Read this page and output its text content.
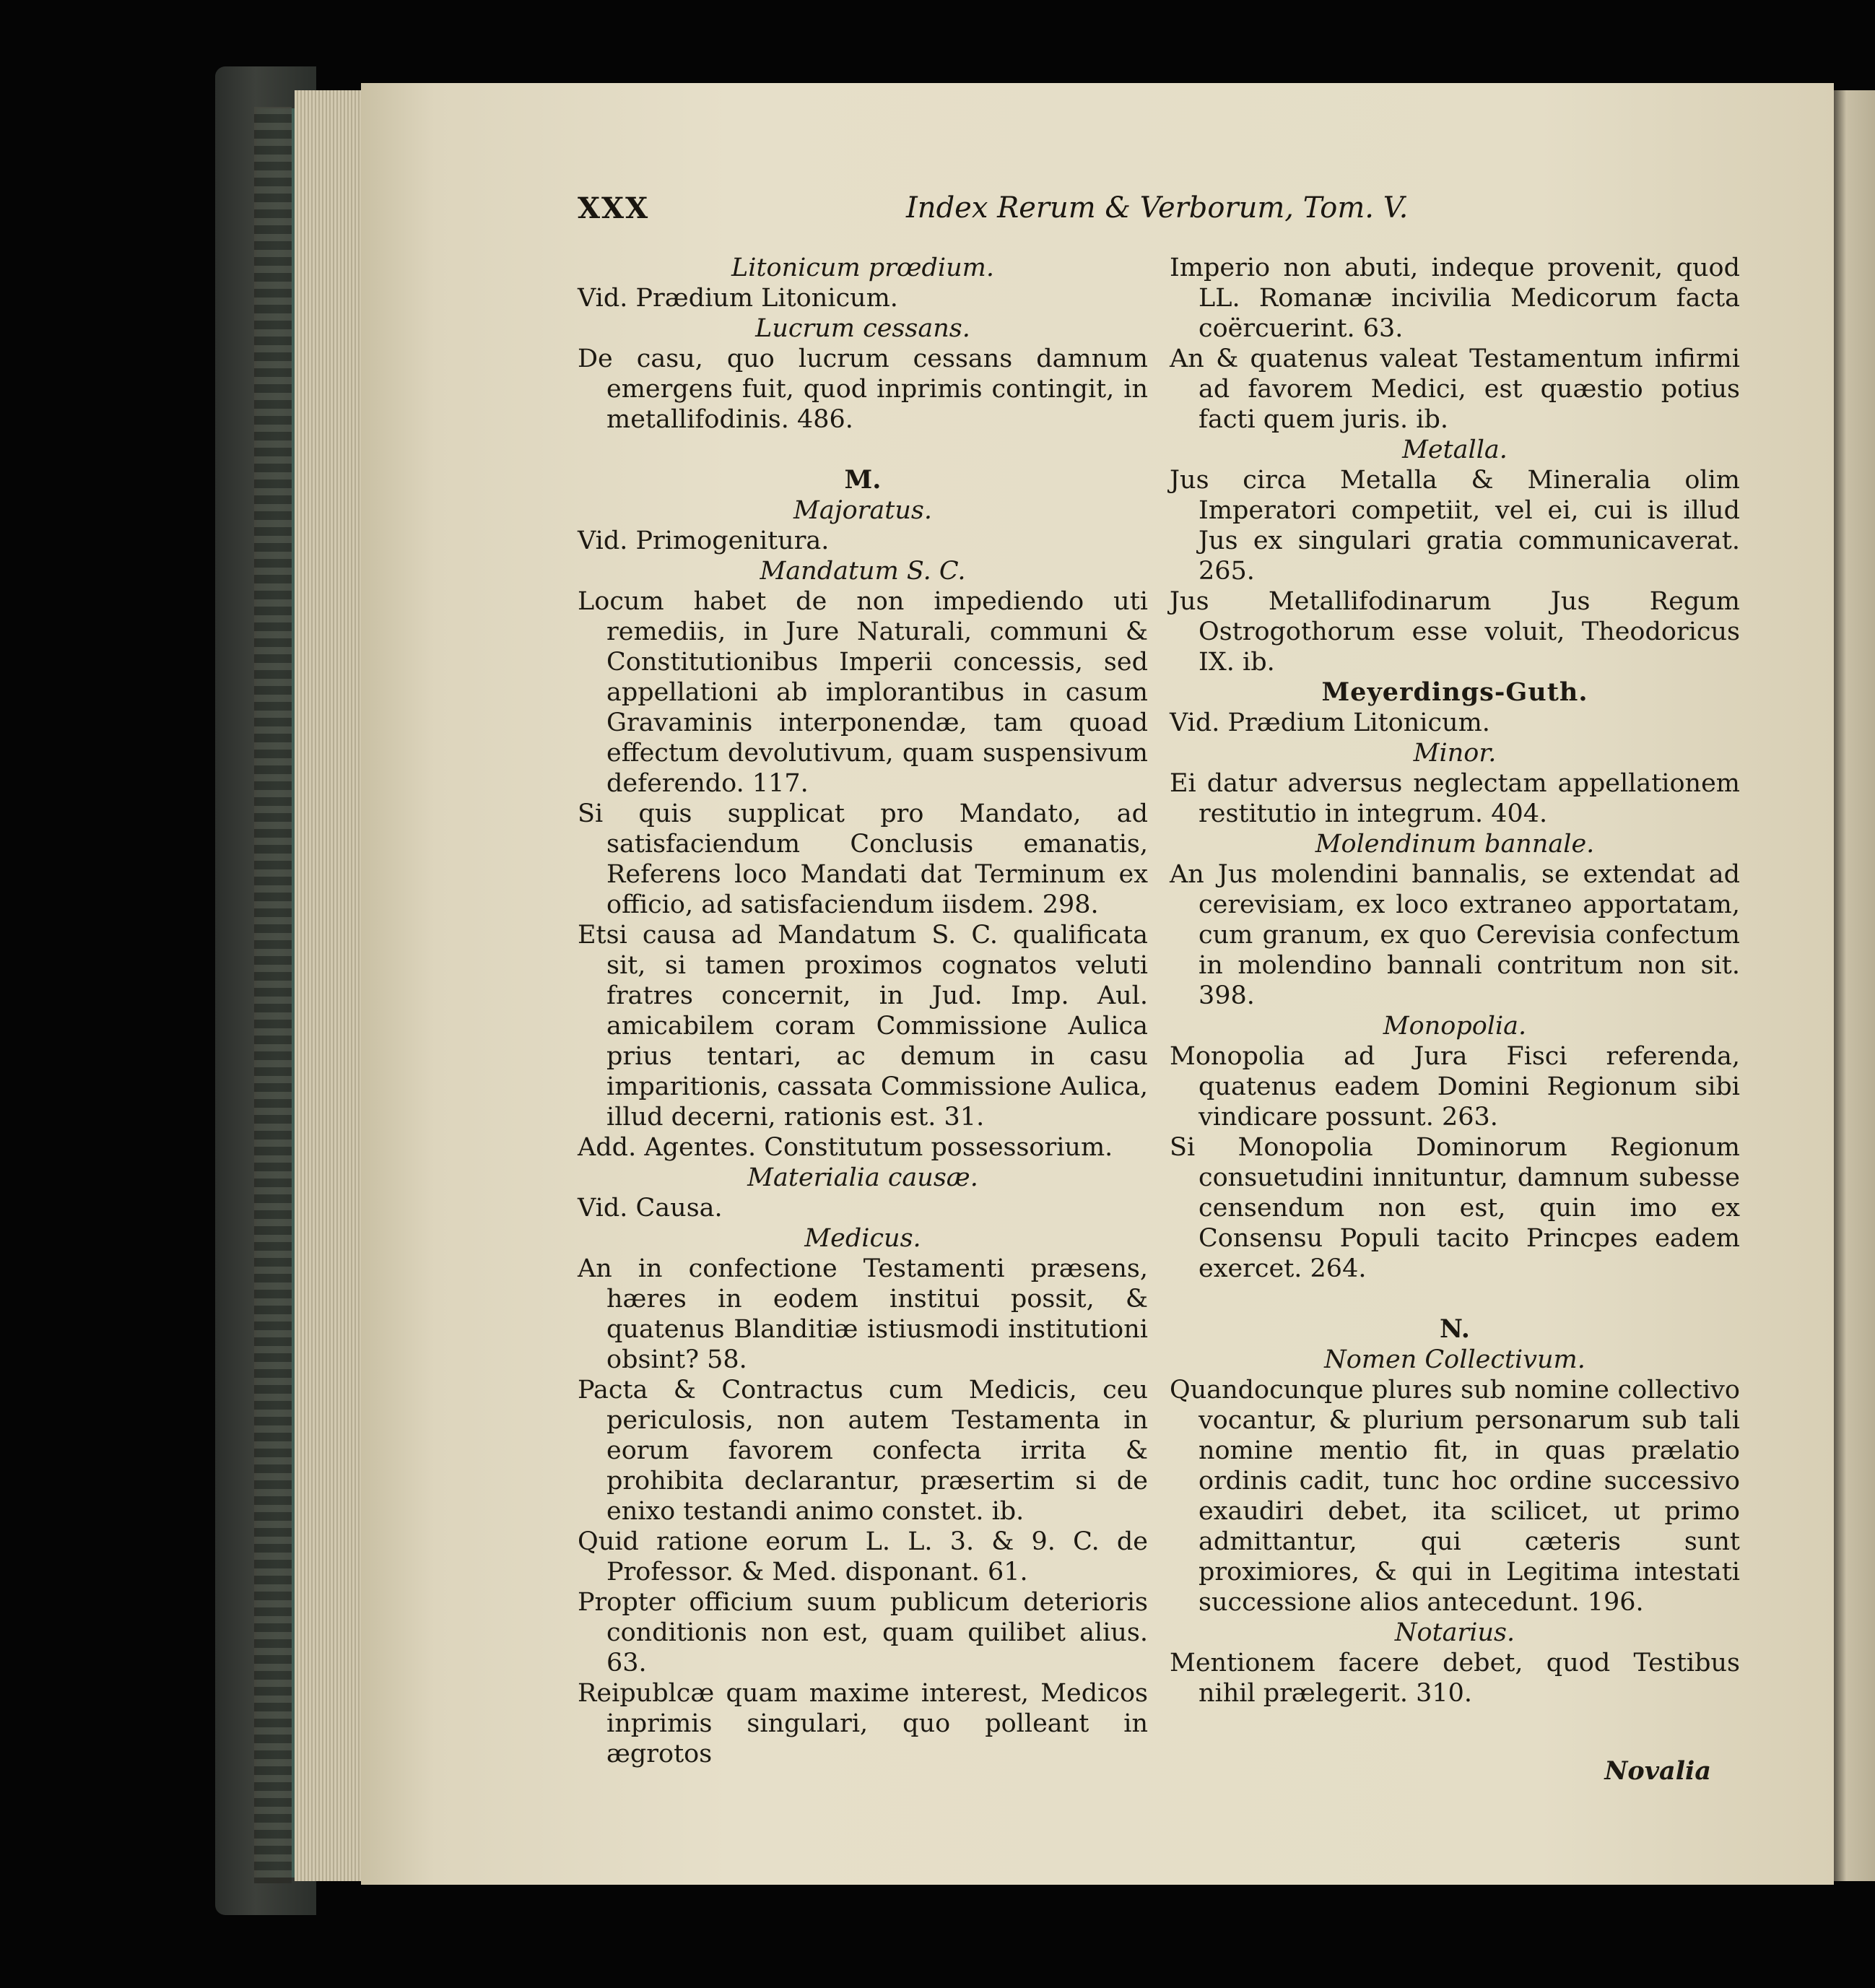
XXX	Index Rerum & Verborum, Tom. V.
Litonicum prœdium.
Vid. Prædium Litonicum.
Lucrum cessans.
De casu, quo lucrum cessans damnum emergens fuit, quod inprimis contingit, in metallifodinis. 486.
M.
Majoratus.
Vid. Primogenitura.
Mandatum S. C.
Locum habet de non impediendo uti remediis, in Jure Naturali, communi & Constitutionibus Imperii concessis, sed appellationi ab implorantibus in casum Gravaminis interponendæ, tam quoad effectum devolutivum, quam suspensivum deferendo. 117.
Si quis supplicat pro Mandato, ad satisfaciendum Conclusis emanatis, Referens loco Mandati dat Terminum ex officio, ad satisfaciendum iisdem. 298.
Etsi causa ad Mandatum S. C. qualificata sit, si tamen proximos cognatos veluti fratres concernit, in Jud. Imp. Aul. amicabilem coram Commissione Aulica prius tentari, ac demum in casu imparitionis, cassata Commissione Aulica, illud decerni, rationis est. 31.
Add. Agentes. Constitutum possessorium.
Materialia causæ.
Vid. Causa.
Medicus.
An in confectione Testamenti præsens, hæres in eodem institui possit, & quatenus Blanditiæ istiusmodi institutioni obsint? 58.
Pacta & Contractus cum Medicis, ceu periculosis, non autem Testamenta in eorum favorem confecta irrita & prohibita declarantur, præsertim si de enixo testandi animo constet. ib.
Quid ratione eorum L. L. 3. & 9. C. de Professor. & Med. disponant. 61.
Propter officium suum publicum deterioris conditionis non est, quam quilibet alius. 63.
Reipublcæ quam maxime interest, Medicos inprimis singulari, quo polleant in ægrotos
Imperio non abuti, indeque provenit, quod LL. Romanæ incivilia Medicorum facta coërcuerint. 63.
An & quatenus valeat Testamentum infirmi ad favorem Medici, est quæstio potius facti quem juris. ib.
Metalla.
Jus circa Metalla & Mineralia olim Imperatori competiit, vel ei, cui is illud Jus ex singulari gratia communicaverat. 265.
Jus Metallifodinarum Jus Regum Ostrogothorum esse voluit, Theodoricus IX. ib.
Meyerdings-Guth.
Vid. Prædium Litonicum.
Minor.
Ei datur adversus neglectam appellationem restitutio in integrum. 404.
Molendinum bannale.
An Jus molendini bannalis, se extendat ad cerevisiam, ex loco extraneo apportatam, cum granum, ex quo Cerevisia confectum in molendino bannali contritum non sit. 398.
Monopolia.
Monopolia ad Jura Fisci referenda, quatenus eadem Domini Regionum sibi vindicare possunt. 263.
Si Monopolia Dominorum Regionum consuetudini innituntur, damnum subesse censendum non est, quin imo ex Consensu Populi tacito Princpes eadem exercet. 264.
N.
Nomen Collectivum.
Quandocunque plures sub nomine collectivo vocantur, & plurium personarum sub tali nomine mentio fit, in quas prælatio ordinis cadit, tunc hoc ordine successivo exaudiri debet, ita scilicet, ut primo admittantur, qui cæteris sunt proximiores, & qui in Legitima intestati successione alios antecedunt. 196.
Notarius.
Mentionem facere debet, quod Testibus nihil prælegerit. 310.
Novalia
